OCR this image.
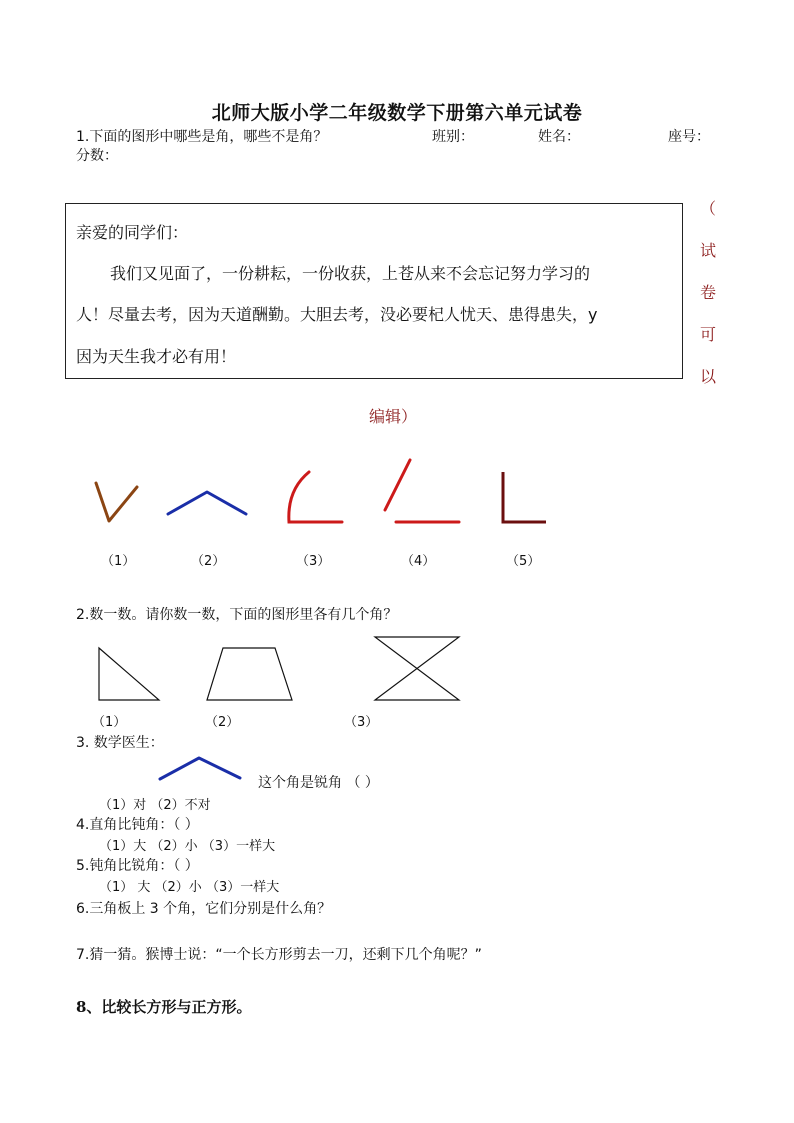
北师大版小学二年级数学下册第六单元试卷
1.下面的图形中哪些是角，哪些不是角？	班别：	姓名：	座号：
分数：
亲爱的同学们：
我们又见面了，一份耕耘，一份收获，上苍从来不会忘记努力学习的
人！尽量去考，因为天道酬勤。大胆去考，没必要杞人忧天、患得患失，y
因为天生我才必有用！
（
试
卷
可
以
编辑）
（1）	（2）	（3）	（4）	（5）
2.数一数。请你数一数，下面的图形里各有几个角？
（1）	（2）	（3）
3. 数学医生：
这个角是锐角 （ ）
（1）对 （2）不对
4.直角比钝角：（ ）
（1）大 （2）小 （3）一样大
5.钝角比锐角：（ ）
（1） 大 （2）小 （3）一样大
6.三角板上 3 个角，它们分别是什么角？
7.猜一猜。猴博士说：“一个长方形剪去一刀，还剩下几个角呢？”
8、比较长方形与正方形。
